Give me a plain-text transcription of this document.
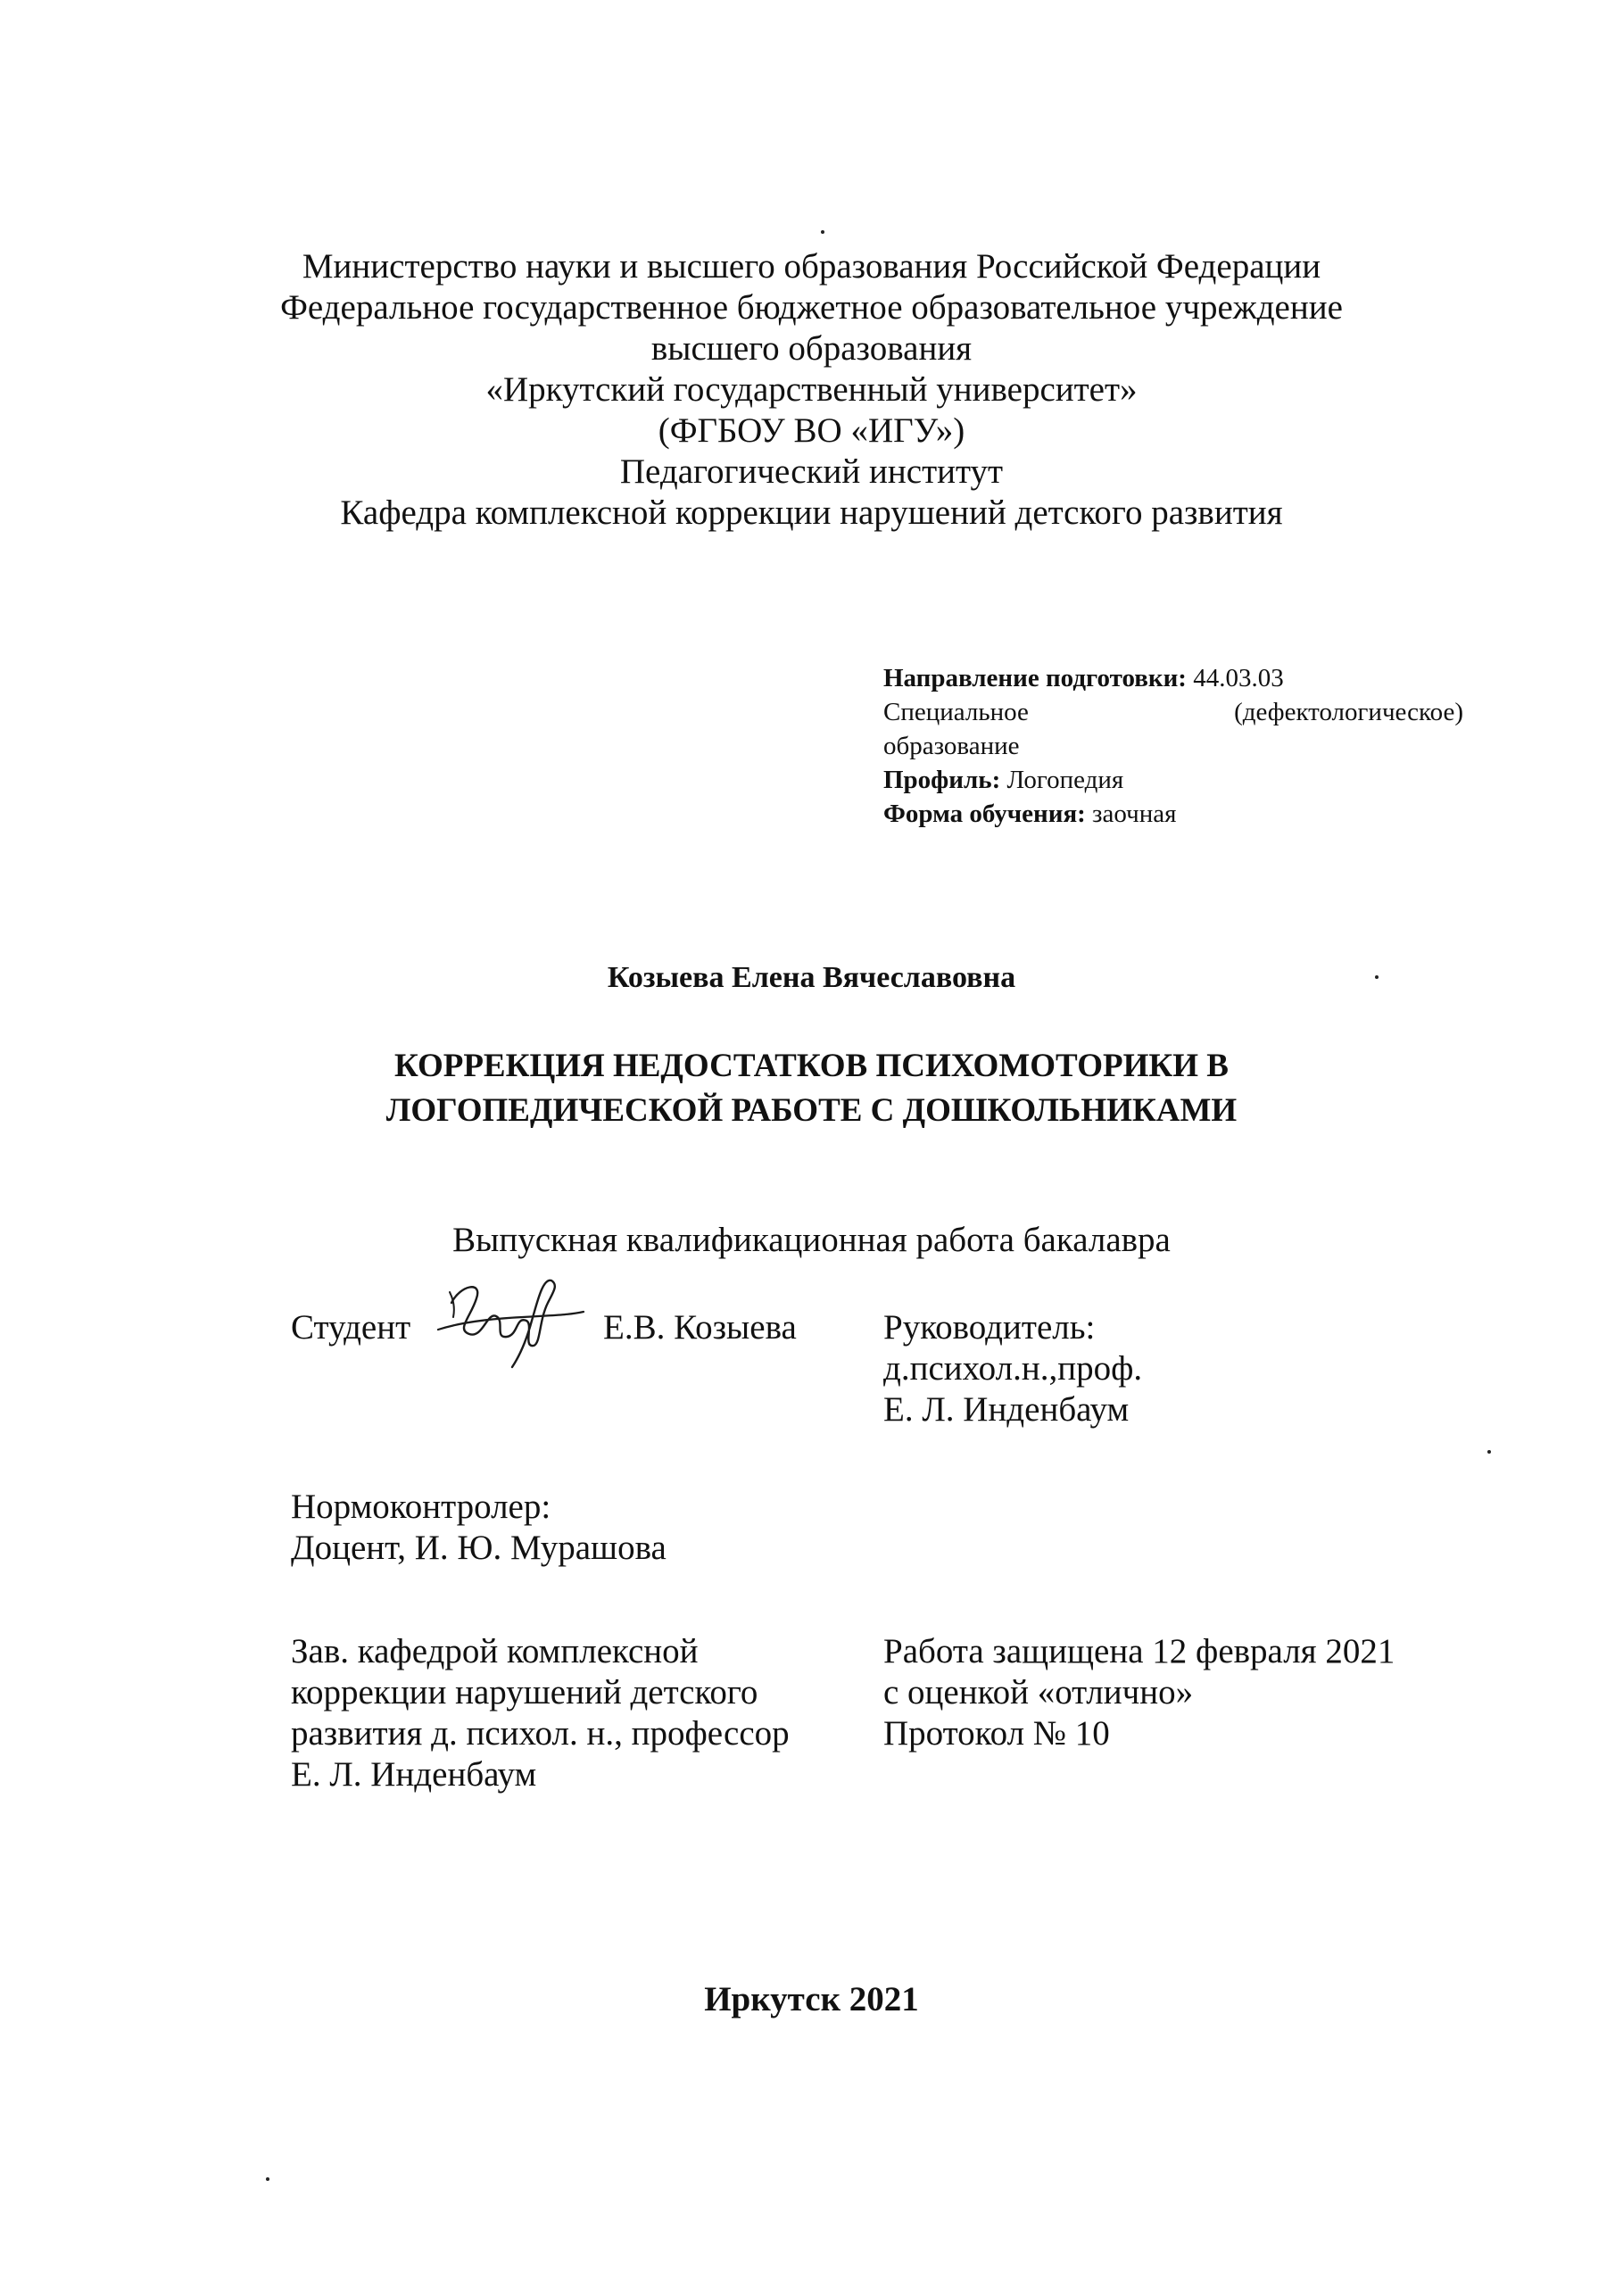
Министерство науки и высшего образования Российской Федерации
Федеральное государственное бюджетное образовательное учреждение
высшего образования
«Иркутский государственный университет»
(ФГБОУ ВО «ИГУ»)
Педагогический институт
Кафедра комплексной коррекции нарушений детского развития
Направление подготовки: 44.03.03
Специальное	(дефектологическое)
образование
Профиль: Логопедия
Форма обучения: заочная
Козыева Елена Вячеславовна
КОРРЕКЦИЯ НЕДОСТАТКОВ ПСИХОМОТОРИКИ В
ЛОГОПЕДИЧЕСКОЙ РАБОТЕ С ДОШКОЛЬНИКАМИ
Выпускная квалификационная работа бакалавра
Студент	Е.В. Козыева Руководитель:
д.психол.н.,проф.
Е. Л. Инденбаум
Нормоконтролер:
Доцент, И. Ю. Мурашова
Зав. кафедрой комплексной
коррекции нарушений детского
развития д. психол. н., профессор
Е. Л. Инденбаум
Работа защищена 12 февраля 2021
с оценкой «отлично»
Протокол № 10
Иркутск 2021
